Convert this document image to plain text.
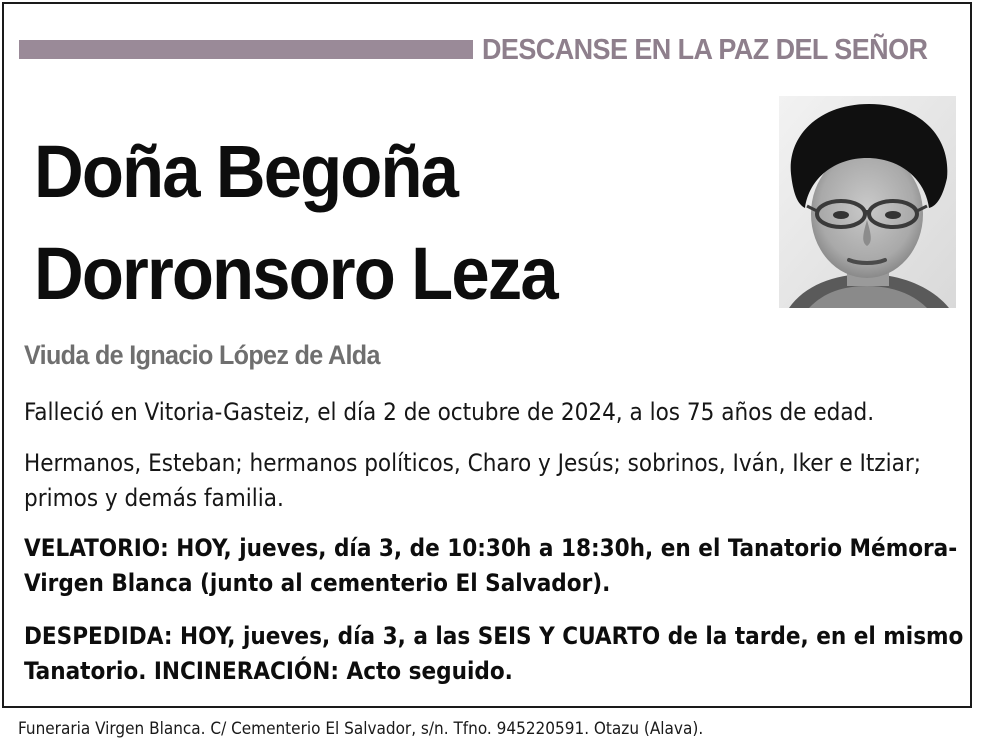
DESCANSE EN LA PAZ DEL SEÑOR
Doña Begoña
Dorronsoro Leza
Viuda de Ignacio López de Alda
Falleció en Vitoria-Gasteiz, el día 2 de octubre de 2024, a los 75 años de edad.
Hermanos, Esteban; hermanos políticos, Charo y Jesús; sobrinos, Iván, Iker e Itziar; primos y demás familia.
VELATORIO: HOY, jueves, día 3, de 10:30h a 18:30h, en el Tanatorio Mémora-Virgen Blanca (junto al cementerio El Salvador).
DESPEDIDA: HOY, jueves, día 3, a las SEIS Y CUARTO de la tarde, en el mismo Tanatorio. INCINERACIÓN: Acto seguido.
Funeraria Virgen Blanca. C/ Cementerio El Salvador, s/n. Tfno. 945220591. Otazu (Alava).
